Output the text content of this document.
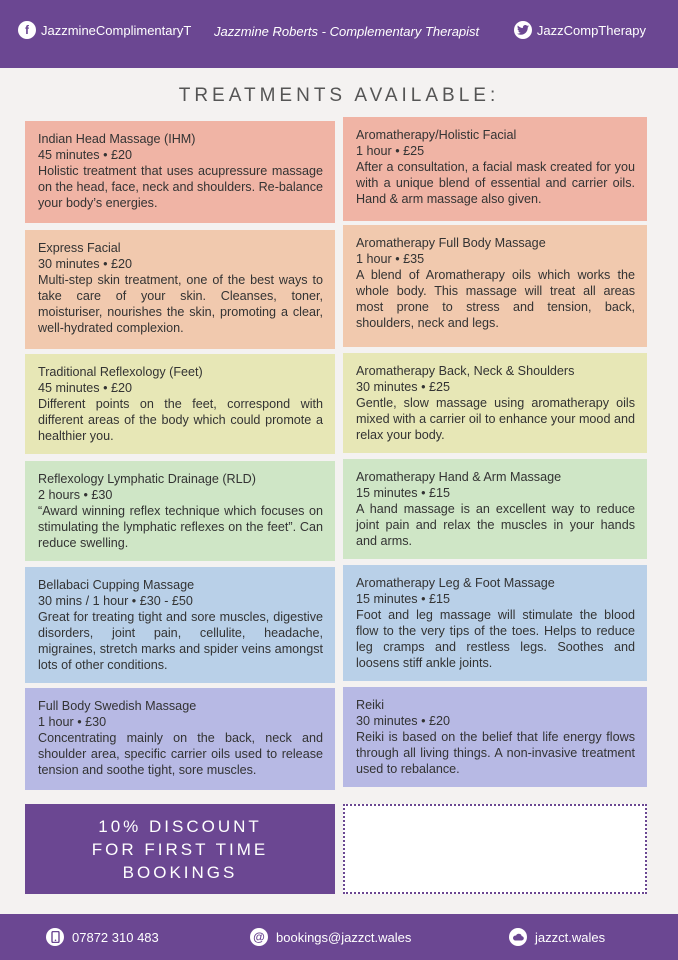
f JazzmineComplimentaryT Jazzmine Roberts - Complementary Therapist	JazzCompTherapy
TREATMENTS AVAILABLE:
Indian Head Massage (IHM)
45 minutes • £20
Holistic treatment that uses acupressure massage on the head, face, neck and shoulders. Re-balance your body’s energies.
Express Facial
30 minutes • £20
Multi-step skin treatment, one of the best ways to take care of your skin. Cleanses, toner, moisturiser, nourishes the skin, promoting a clear, well-hydrated complexion.
Traditional Reflexology (Feet)
45 minutes • £20
Different points on the feet, correspond with different areas of the body which could promote a healthier you.
Reflexology Lymphatic Drainage (RLD)
2 hours • £30
“Award winning reflex technique which focuses on stimulating the lymphatic reflexes on the feet”. Can reduce swelling.
Bellabaci Cupping Massage
30 mins / 1 hour • £30 - £50
Great for treating tight and sore muscles, digestive disorders, joint pain, cellulite, headache, migraines, stretch marks and spider veins amongst lots of other conditions.
Full Body Swedish Massage
1 hour • £30
Concentrating mainly on the back, neck and shoulder area, specific carrier oils used to release tension and soothe tight, sore muscles.
Aromatherapy/Holistic Facial
1 hour • £25
After a consultation, a facial mask created for you with a unique blend of essential and carrier oils. Hand & arm massage also given.
Aromatherapy Full Body Massage
1 hour • £35
A blend of Aromatherapy oils which works the whole body. This massage will treat all areas most prone to stress and tension, back, shoulders, neck and legs.
Aromatherapy Back, Neck & Shoulders
30 minutes • £25
Gentle, slow massage using aromatherapy oils mixed with a carrier oil to enhance your mood and relax your body.
Aromatherapy Hand & Arm Massage
15 minutes • £15
A hand massage is an excellent way to reduce joint pain and relax the muscles in your hands and arms.
Aromatherapy Leg & Foot Massage
15 minutes • £15
Foot and leg massage will stimulate the blood flow to the very tips of the toes. Helps to reduce leg cramps and restless legs. Soothes and loosens stiff ankle joints.
Reiki
30 minutes • £20
Reiki is based on the belief that life energy flows through all living things. A non-invasive treatment used to rebalance.
10% DISCOUNT
FOR FIRST TIME
BOOKINGS
07872 310 483	@ bookings@jazzct.wales	jazzct.wales
